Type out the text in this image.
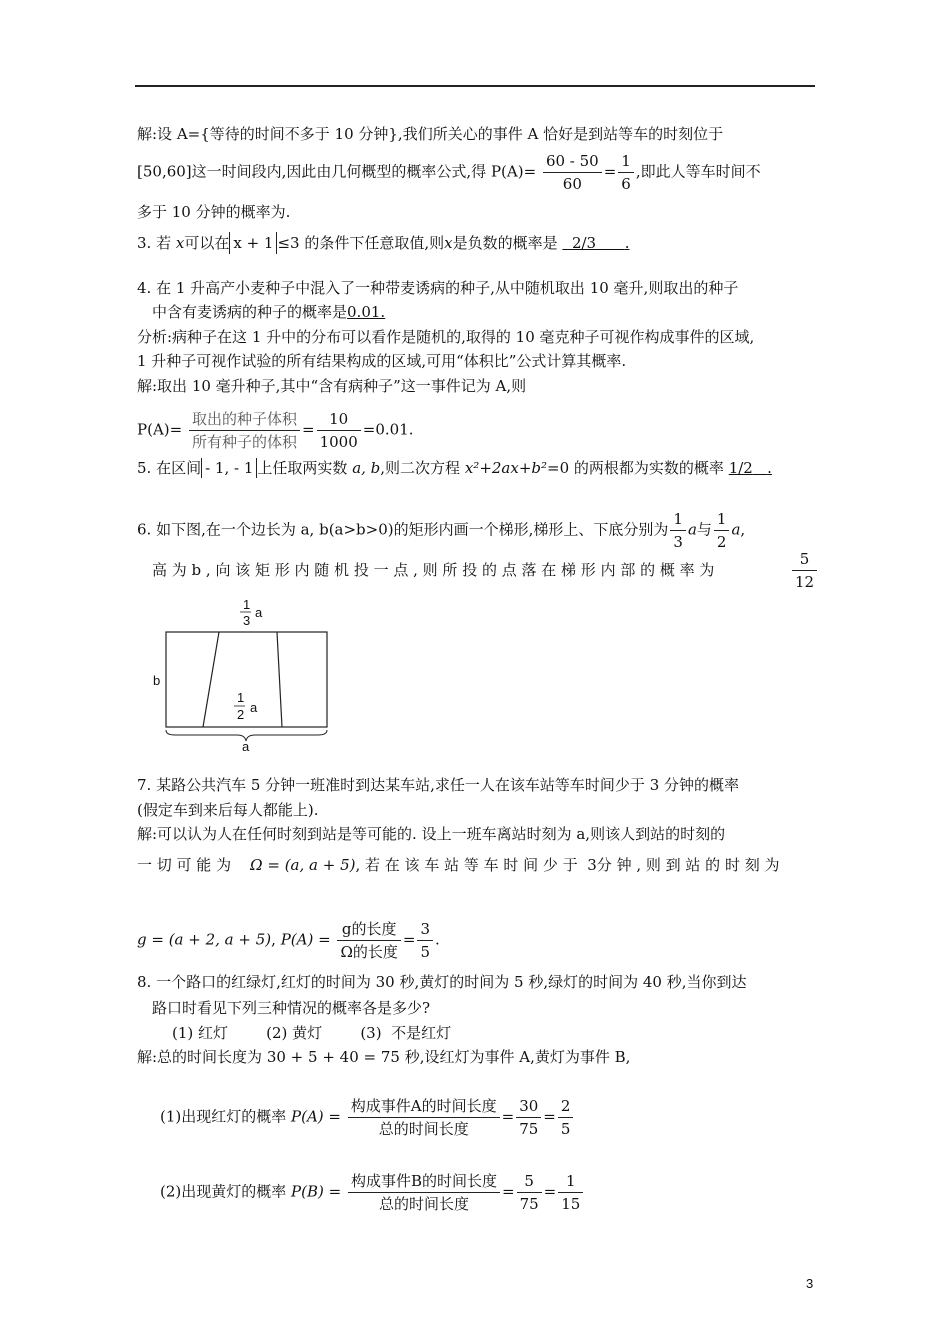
解:设 A={等待的时间不多于 10 分钟},我们所关心的事件 A 恰好是到站等车的时刻位于
[50,60]这一时间段内,因此由几何概型的概率公式,得 $P(A)= \frac{60 - 50}{60} = \frac{1}{6}$ ,即此人等车时间不
多于 10 分钟的概率为.
3. 若 x可以在 x + 1 ≤3 的条件下任意取值,则x是负数的概率是 2/3 .
4. 在 1 升高产小麦种子中混入了一种带麦诱病的种子,从中随机取出 10 毫升,则取出的种子
中含有麦诱病的种子的概率是0.01.
分析:病种子在这 1 升中的分布可以看作是随机的,取得的 10 毫克种子可视作构成事件的区域,
1 升种子可视作试验的所有结果构成的区域,可用“体积比”公式计算其概率.
解:取出 10 毫升种子,其中“含有病种子”这一事件记为 A,则
$P(A)= \frac{\text{取出的种子体积}}{\text{所有种子的体积}} = \frac{10}{1000} =0.01$.
5. 在区间 - 1, - 1 上任取两实数 a, b,则二次方程 x²+2ax+b²=0 的两根都为实数的概率 1/2 .
6. 如下图,在一个边长为 a, b(a>b>0)的矩形内画一个梯形,梯形上、下底分别为 $\frac{1}{3}$ a与 $\frac{1}{2} a$,
高 为 b , 向 该 矩 形 内 随 机 投 一 点 , 则 所 投 的 点 落 在 梯 形 内 部 的 概 率 为	$\frac{5}{12}$
1
3
a
b
1
2 a
a
7. 某路公共汽车 5 分钟一班准时到达某车站,求任一人在该车站等车时间少于 3 分钟的概率
(假定车到来后每人都能上).
解:可以认为人在任何时刻到站是等可能的. 设上一班车离站时刻为 a,则该人到站的时刻的
一 切 可 能 为 Ω = (a, a + 5), 若 在 该 车 站 等 车 时 间 少 于 3分 钟 , 则 到 站 的 时 刻 为
g = (a + 2, a + 5), $P(A) = \frac{\text{g的长度}}{\text{Ω的长度}} = \frac{3}{5}$ .
8. 一个路口的红绿灯,红灯的时间为 30 秒,黄灯的时间为 5 秒,绿灯的时间为 40 秒,当你到达
路口时看见下列三种情况的概率各是多少?
(1) 红灯        (2) 黄灯        (3)  不是红灯
解:总的时间长度为 30 + 5 + 40 = 75 秒,设红灯为事件 A,黄灯为事件 B,
(1)出现红灯的概率 $P(A) = \frac{\text{构成事件A的时间长度}}{\text{总的时间长度}} = \frac{30}{75} = \frac{2}{5}$
(2)出现黄灯的概率 $P(B) = \frac{\text{构成事件B的时间长度}}{\text{总的时间长度}} = \frac{5}{75} = \frac{1}{15}$
3
